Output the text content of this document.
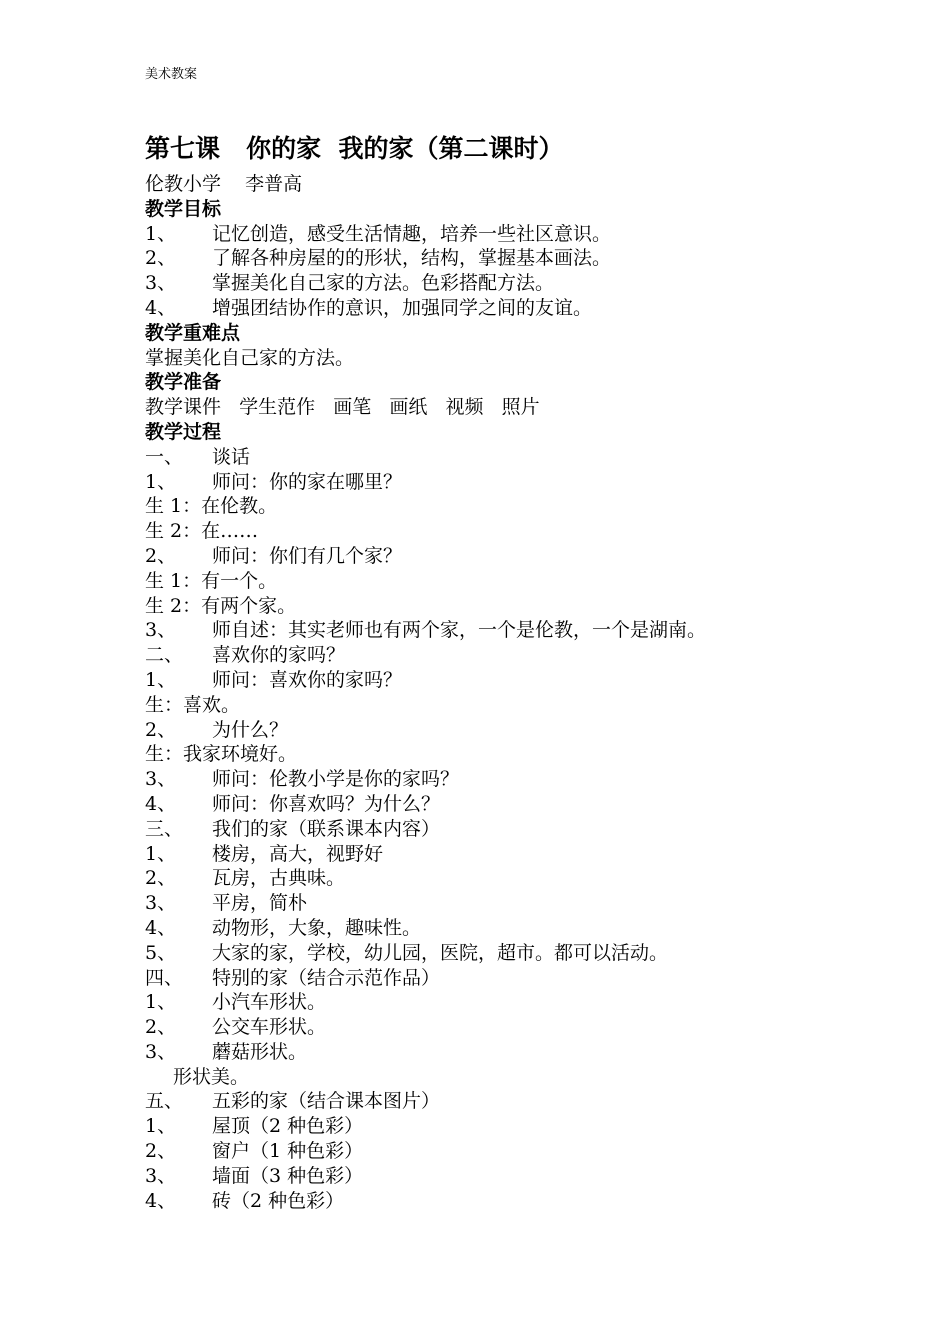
美术教案
第七课   你的家  我的家（第二课时）
伦教小学    李普高
教学目标
1、 记忆创造，感受生活情趣，培养一些社区意识。
2、 了解各种房屋的的形状，结构，掌握基本画法。
3、 掌握美化自己家的方法。色彩搭配方法。
4、 增强团结协作的意识，加强同学之间的友谊。
教学重难点
掌握美化自己家的方法。
教学准备
教学课件   学生范作   画笔   画纸   视频   照片
教学过程
一、 谈话
1、 师问：你的家在哪里？
生 1：在伦教。
生 2：在……
2、 师问：你们有几个家？
生 1：有一个。
生 2：有两个家。
3、 师自述：其实老师也有两个家，一个是伦教，一个是湖南。
二、 喜欢你的家吗？
1、 师问：喜欢你的家吗？
生：喜欢。
2、 为什么？
生：我家环境好。
3、 师问：伦教小学是你的家吗？
4、 师问：你喜欢吗？为什么？
三、 我们的家（联系课本内容）
1、 楼房，高大，视野好
2、 瓦房，古典味。
3、 平房，简朴
4、 动物形，大象，趣味性。
5、 大家的家，学校，幼儿园，医院，超市。都可以活动。
四、 特别的家（结合示范作品）
1、 小汽车形状。
2、 公交车形状。
3、 蘑菇形状。
形状美。
五、 五彩的家（结合课本图片）
1、 屋顶（2 种色彩）
2、 窗户（1 种色彩）
3、 墙面（3 种色彩）
4、 砖（2 种色彩）
